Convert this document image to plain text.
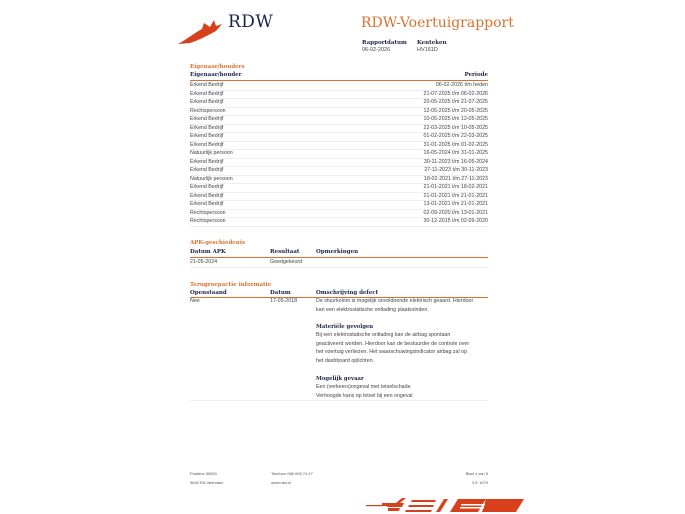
RDW	RDW-Voertuigrapport
Rapportdatum
06-02-2026
Kenteken
HV161D
Eigenaar/houders
Eigenaar/houder	Periode
Erkend Bedrijf	06-02-2026 t/m heden
Erkend Bedrijf	21-07-2025 t/m 06-02-2026
Erkend Bedrijf	20-05-2025 t/m 21-07-2025
Rechtspersoon	12-05-2025 t/m 20-05-2025
Erkend Bedrijf	10-05-2025 t/m 12-05-2025
Erkend Bedrijf	22-03-2025 t/m 10-05-2025
Erkend Bedrijf	01-02-2025 t/m 22-03-2025
Erkend Bedrijf	31-01-2025 t/m 01-02-2025
Natuurlijk persoon	16-05-2024 t/m 31-01-2025
Erkend Bedrijf	30-11-2023 t/m 16-05-2024
Erkend Bedrijf	27-11-2023 t/m 30-11-2023
Natuurlijk persoon	18-02-2021 t/m 27-11-2023
Erkend Bedrijf	21-01-2021 t/m 18-02-2021
Erkend Bedrijf	21-01-2021 t/m 21-01-2021
Erkend Bedrijf	13-01-2021 t/m 21-01-2021
Rechtspersoon	02-09-2020 t/m 13-01-2021
Rechtspersoon	30-12-2015 t/m 02-09-2020
APK-geschiedenis
Datum APK	Resultaat	Opmerkingen
21-05-2024	Goedgekeurd
Terugroepactie informatie
Openstaand	Datum	Omschrijving defect
Nee	17-05-2018	De stuurkolom is mogelijk onvoldoende elektrisch geaard. Hierdoor
kan een elektrostatische ontlading plaatsvinden.
Materiële gevolgen
Bij een elektrostatische ontlading kan de airbag spontaan
geactiveerd worden. Hierdoor kan de bestuurder de controle over
het voertuig verliezen. Het waarschuwingsindicator airbag zal op
het dashboard oplichten.
Mogelijk gevaar
Een (verkeers)ongeval met letselschade
Verhoogde kans op letsel bij een ongeval
Postbus 30000
9640 RA Veendam
Telefoon 088 008 74 47
www.rdw.nl
Blad 4 van 5
3 E 1679
